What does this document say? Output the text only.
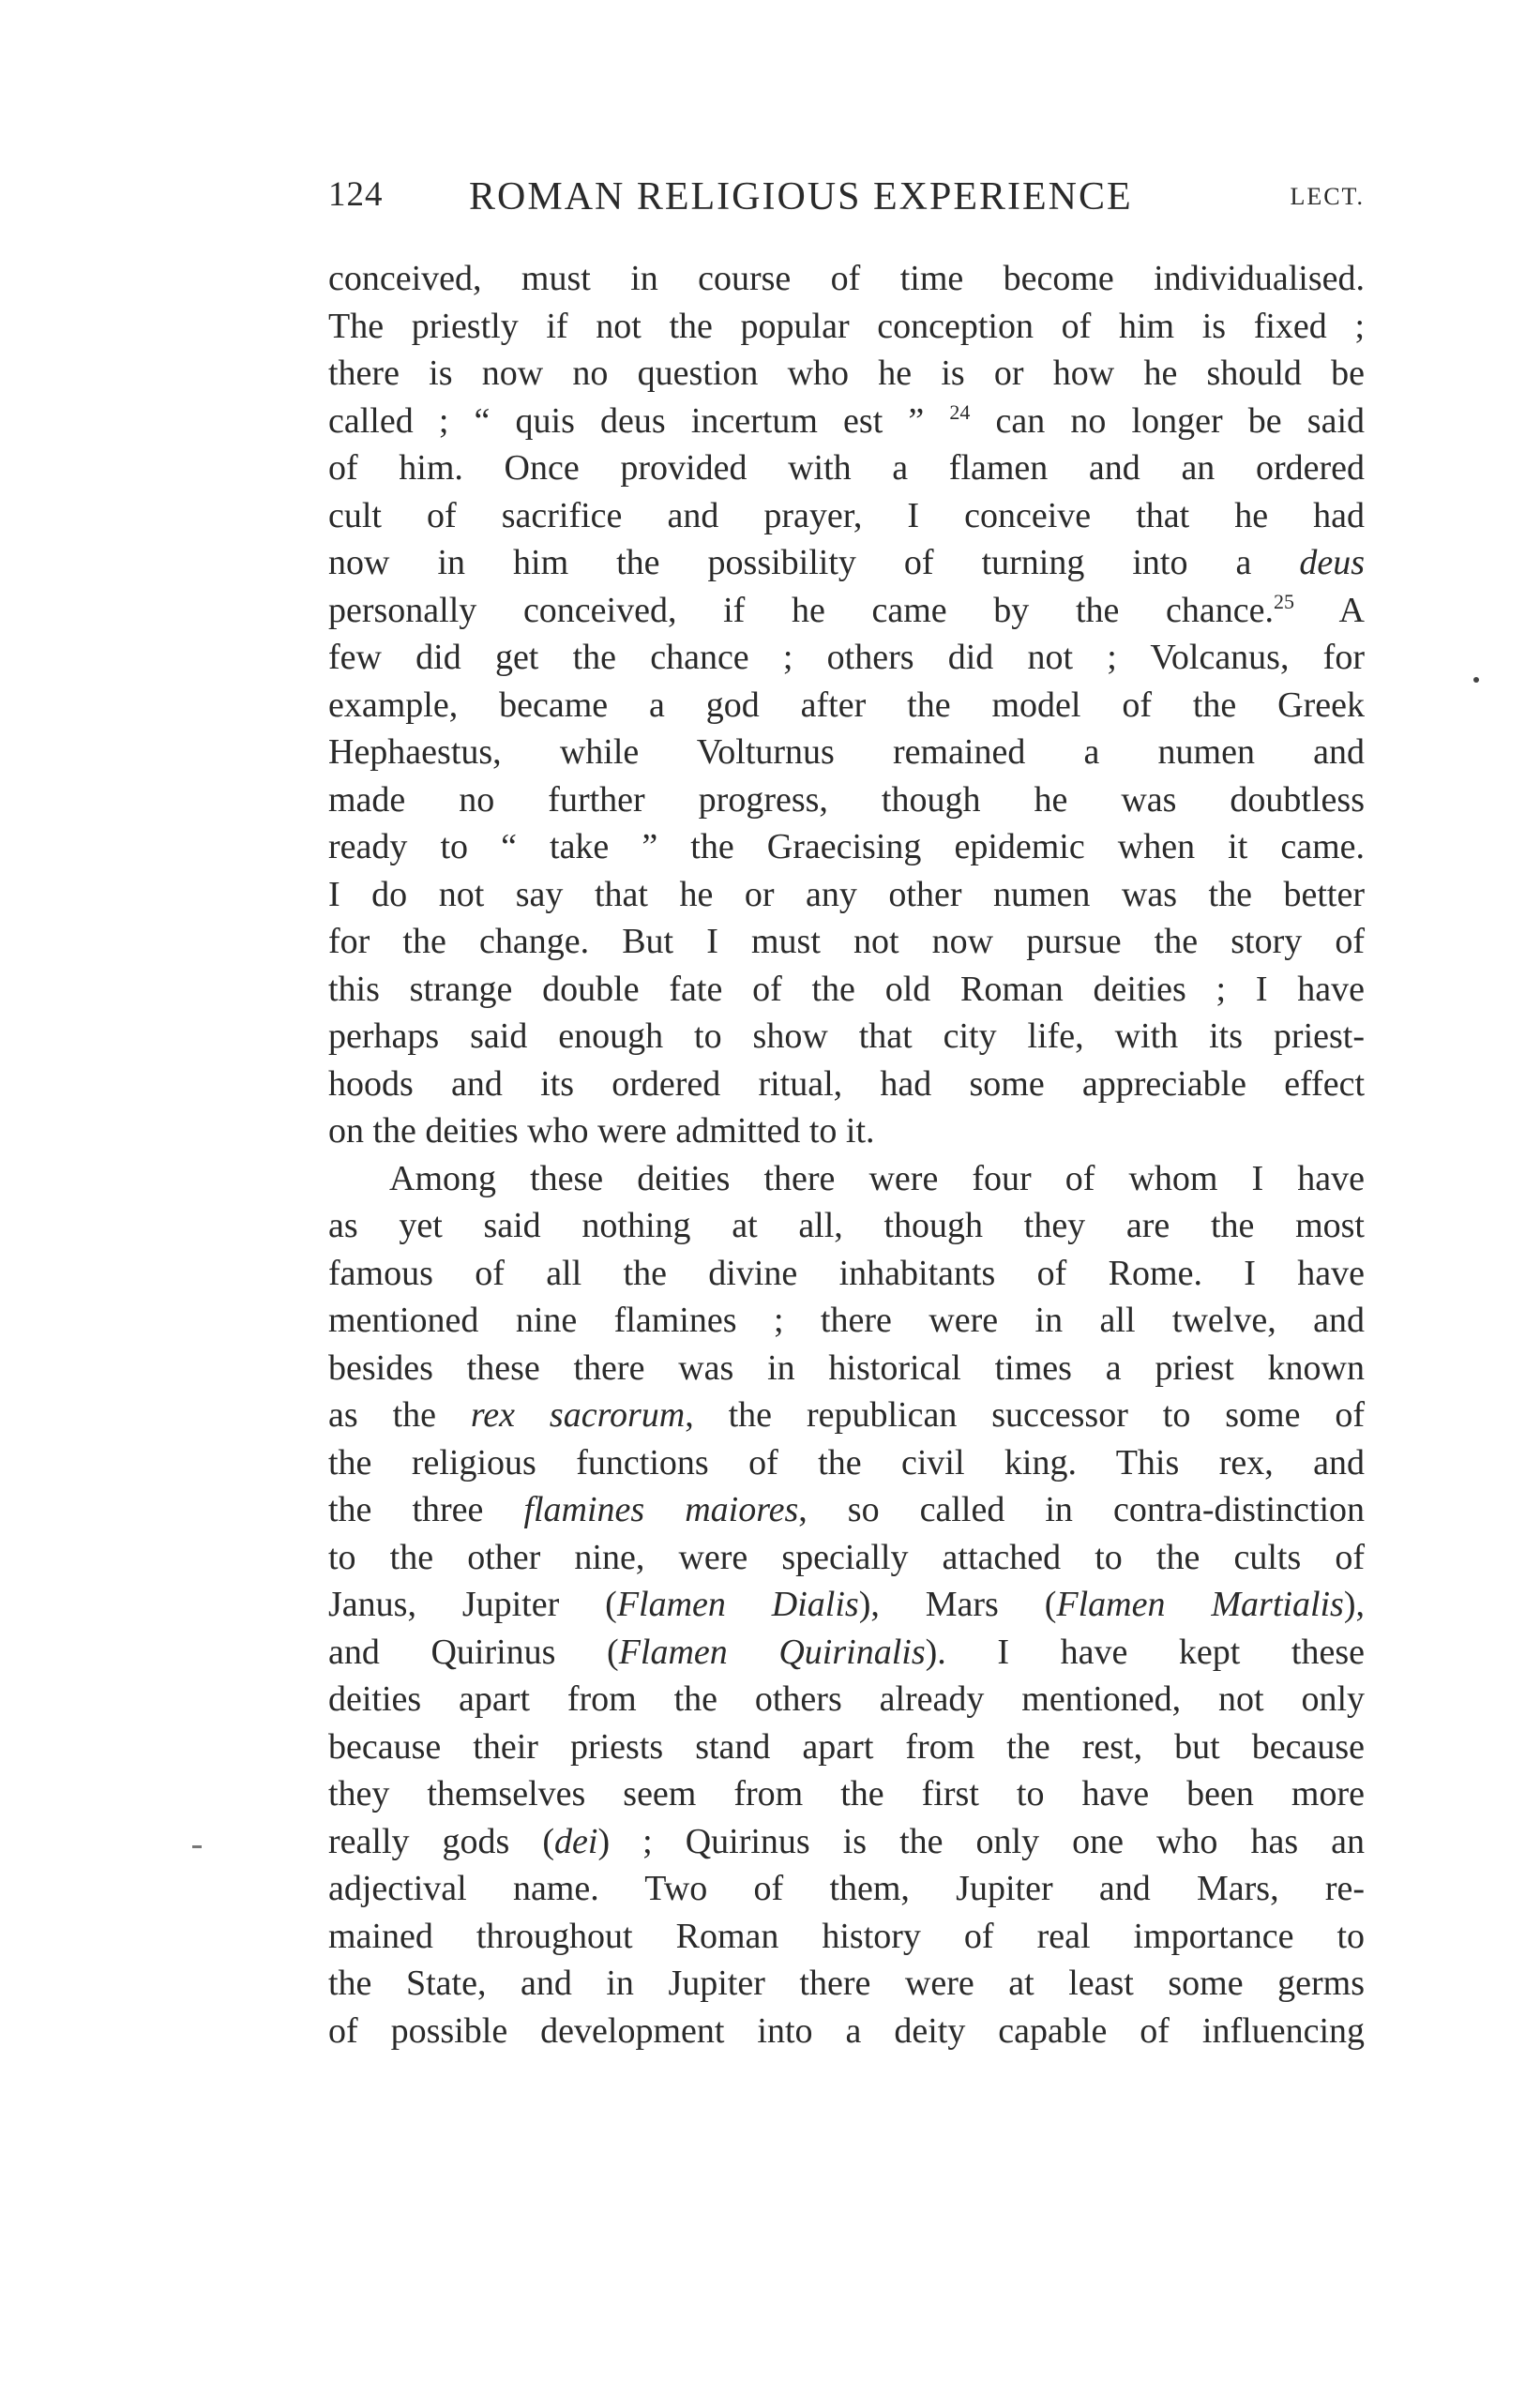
124 ROMAN RELIGIOUS EXPERIENCE	LECT.
conceived, must in course of time become individualised.
The priestly if not the popular conception of him is fixed ;
there is now no question who he is or how he should be
called ; “ quis deus incertum est ” $^{24}$ can no longer be said
of him. Once provided with a flamen and an ordered
cult of sacrifice and prayer, I conceive that he had
now in him the possibility of turning into a deus
personally conceived, if he came by the chance.$^{25}$ A
few did get the chance ; others did not ; Volcanus, for
example, became a god after the model of the Greek
Hephaestus, while Volturnus remained a numen and
made no further progress, though he was doubtless
ready to “ take ” the Graecising epidemic when it came.
I do not say that he or any other numen was the better
for the change. But I must not now pursue the story of
this strange double fate of the old Roman deities ; I have
perhaps said enough to show that city life, with its priest-
hoods and its ordered ritual, had some appreciable effect
on the deities who were admitted to it.
Among these deities there were four of whom I have
as yet said nothing at all, though they are the most
famous of all the divine inhabitants of Rome. I have
mentioned nine flamines ; there were in all twelve, and
besides these there was in historical times a priest known
as the rex sacrorum, the republican successor to some of
the religious functions of the civil king. This rex, and
the three flamines maiores, so called in contra-distinction
to the other nine, were specially attached to the cults of
Janus, Jupiter (Flamen Dialis), Mars (Flamen Martialis),
and Quirinus (Flamen Quirinalis). I have kept these
deities apart from the others already mentioned, not only
because their priests stand apart from the rest, but because
they themselves seem from the first to have been more
really gods (dei) ; Quirinus is the only one who has an
adjectival name. Two of them, Jupiter and Mars, re-
mained throughout Roman history of real importance to
the State, and in Jupiter there were at least some germs
of possible development into a deity capable of influencing
